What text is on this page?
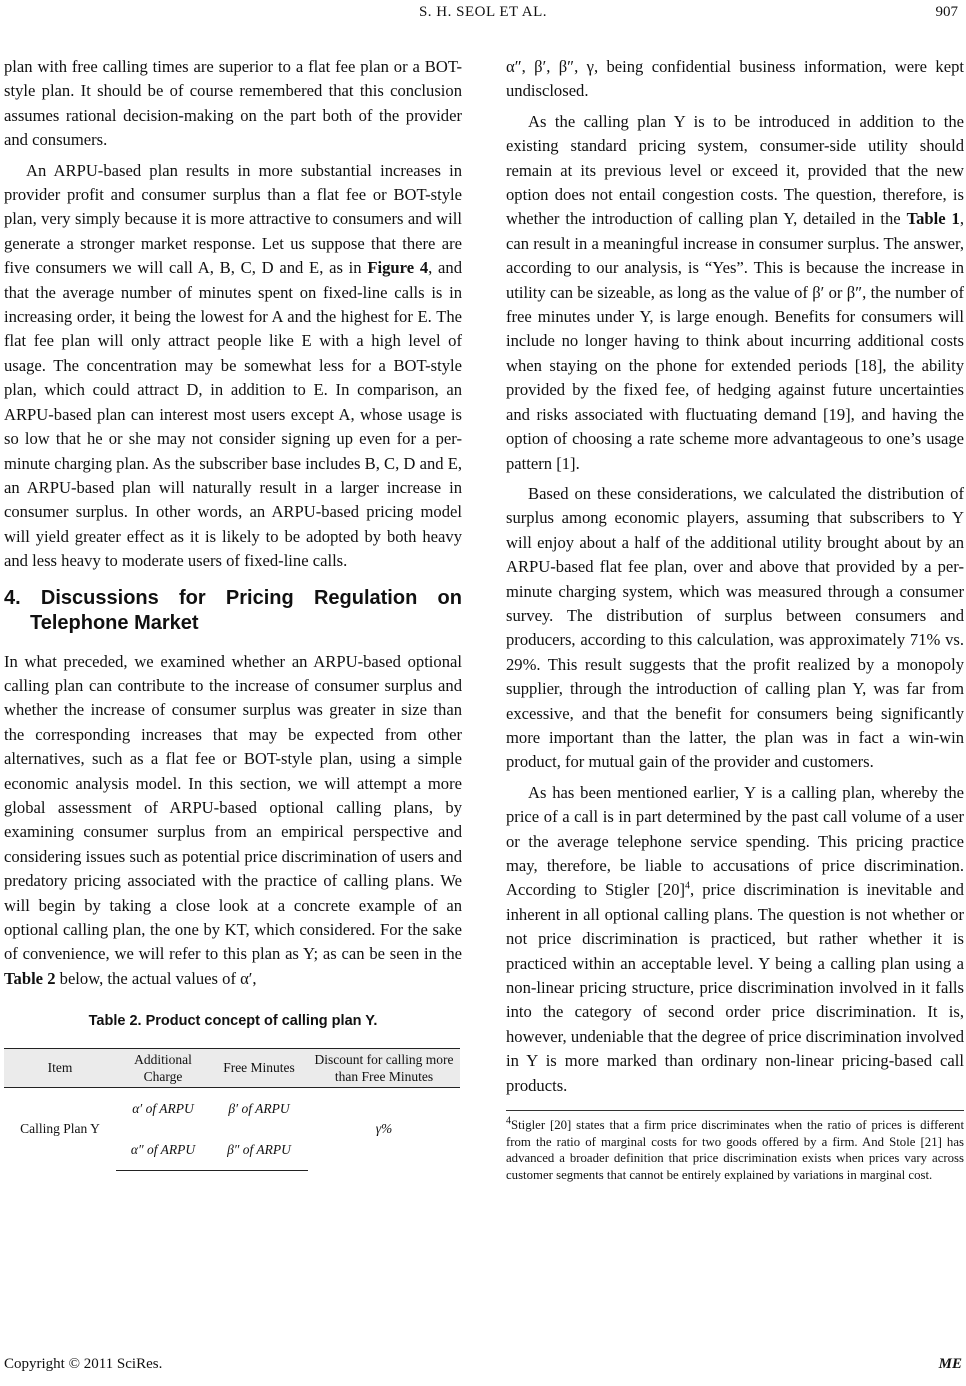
S. H. SEOL ET AL.	907

plan with free calling times are superior to a flat fee plan or a BOT-style plan. It should be of course remembered that this conclusion assumes rational decision-making on the part both of the provider and consumers.

An ARPU-based plan results in more substantial increases in provider profit and consumer surplus than a flat fee or BOT-style plan, very simply because it is more attractive to consumers and will generate a stronger market response. Let us suppose that there are five consumers we will call A, B, C, D and E, as in Figure 4, and that the average number of minutes spent on fixed-line calls is in increasing order, it being the lowest for A and the highest for E. The flat fee plan will only attract people like E with a high level of usage. The concentration may be somewhat less for a BOT-style plan, which could attract D, in addition to E. In comparison, an ARPU-based plan can interest most users except A, whose usage is so low that he or she may not consider signing up even for a per-minute charging plan. As the subscriber base includes B, C, D and E, an ARPU-based plan will naturally result in a larger increase in consumer surplus. In other words, an ARPU-based pricing model will yield greater effect as it is likely to be adopted by both heavy and less heavy to moderate users of fixed-line calls.

4. Discussions for Pricing Regulation on Telephone Market

In what preceded, we examined whether an ARPU-based optional calling plan can contribute to the increase of consumer surplus and whether the increase of consumer surplus was greater in size than the corresponding increases that may be expected from other alternatives, such as a flat fee or BOT-style plan, using a simple economic analysis model. In this section, we will attempt a more global assessment of ARPU-based optional calling plans, by examining consumer surplus from an empirical perspective and considering issues such as potential price discrimination of users and predatory pricing associated with the practice of calling plans. We will begin by taking a close look at a concrete example of an optional calling plan, the one by KT, which considered. For the sake of convenience, we will refer to this plan as Y; as can be seen in the Table 2 below, the actual values of α′,

Table 2. Product concept of calling plan Y.
Item	Additional Charge	Free Minutes	Discount for calling more than Free Minutes
Calling Plan Y	α′ of ARPU	β′ of ARPU	γ%
	α″ of ARPU	β″ of ARPU	

α″, β′, β″, γ, being confidential business information, were kept undisclosed.

As the calling plan Y is to be introduced in addition to the existing standard pricing system, consumer-side utility should remain at its previous level or exceed it, provided that the new option does not entail congestion costs. The question, therefore, is whether the introduction of calling plan Y, detailed in the Table 1, can result in a meaningful increase in consumer surplus. The answer, according to our analysis, is “Yes”. This is because the increase in utility can be sizeable, as long as the value of β′ or β″, the number of free minutes under Y, is large enough. Benefits for consumers will include no longer having to think about incurring additional costs when staying on the phone for extended periods [18], the ability provided by the fixed fee, of hedging against future uncertainties and risks associated with fluctuating demand [19], and having the option of choosing a rate scheme more advantageous to one’s usage pattern [1].

Based on these considerations, we calculated the distribution of surplus among economic players, assuming that subscribers to Y will enjoy about a half of the additional utility brought about by an ARPU-based flat fee plan, over and above that provided by a per-minute charging system, which was measured through a consumer survey. The distribution of surplus between consumers and producers, according to this calculation, was approximately 71% vs. 29%. This result suggests that the profit realized by a monopoly supplier, through the introduction of calling plan Y, was far from excessive, and that the benefit for consumers being significantly more important than the latter, the plan was in fact a win-win product, for mutual gain of the provider and customers.

As has been mentioned earlier, Y is a calling plan, whereby the price of a call is in part determined by the past call volume of a user or the average telephone service spending. This pricing practice may, therefore, be liable to accusations of price discrimination. According to Stigler $[20]^4$, price discrimination is inevitable and inherent in all optional calling plans. The question is not whether or not price discrimination is practiced, but rather whether it is practiced within an acceptable level. Y being a calling plan using a non-linear pricing structure, price discrimination involved in it falls into the category of second order price discrimination. It is, however, undeniable that the degree of price discrimination involved in Y is more marked than ordinary non-linear pricing-based call products.

$^4$Stigler [20] states that a firm price discriminates when the ratio of prices is different from the ratio of marginal costs for two goods offered by a firm. And Stole [21] has advanced a broader definition that price discrimination exists when prices vary across customer segments that cannot be entirely explained by variations in marginal cost.
Copyright © 2011 SciRes.	ME
